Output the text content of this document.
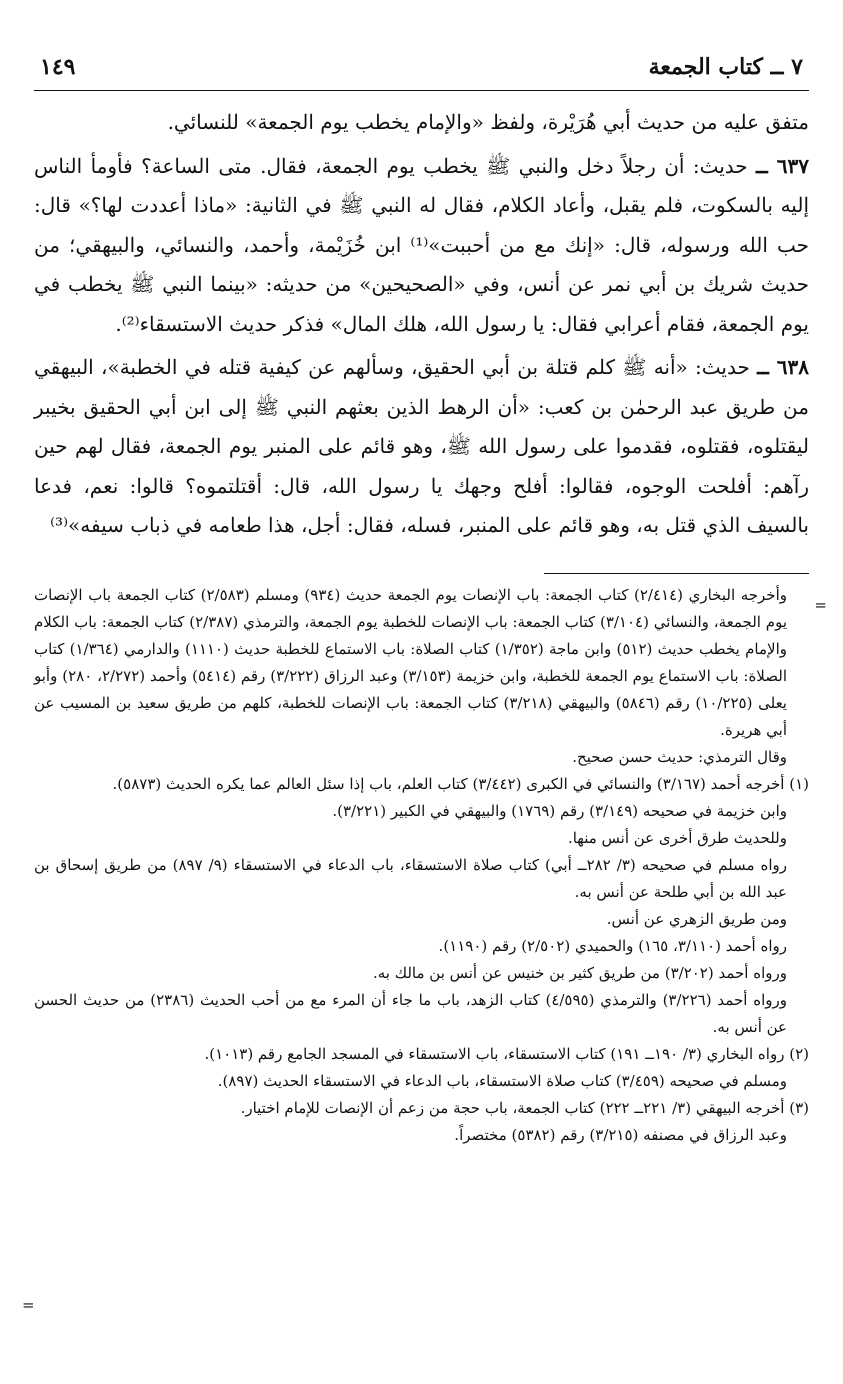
٧ ــ كتاب الجمعة
١٤٩

متفق عليه من حديث أبي هُرَيْرة، ولفظ «والإمام يخطب يوم الجمعة» للنسائي.

٦٣٧ ــ حديث: أن رجلاً دخل والنبي ﷺ يخطب يوم الجمعة، فقال. متى الساعة؟ فأومأ الناس إليه بالسكوت، فلم يقبل، وأعاد الكلام، فقال له النبي ﷺ في الثانية: «ماذا أعددت لها؟» قال: حب الله ورسوله، قال: «إنك مع من أحببت»⁽¹⁾ ابن خُزَيْمة، وأحمد، والنسائي، والبيهقي؛ من حديث شريك بن أبي نمر عن أنس، وفي «الصحيحين» من حديثه: «بينما النبي ﷺ يخطب في يوم الجمعة، فقام أعرابي فقال: يا رسول الله، هلك المال» فذكر حديث الاستسقاء⁽²⁾.

٦٣٨ ــ حديث: «أنه ﷺ كلم قتلة بن أبي الحقيق، وسألهم عن كيفية قتله في الخطبة»، البيهقي من طريق عبد الرحمٰن بن كعب: «أن الرهط الذين بعثهم النبي ﷺ إلى ابن أبي الحقيق بخيبر ليقتلوه، فقتلوه، فقدموا على رسول الله ﷺ، وهو قائم على المنبر يوم الجمعة، فقال لهم حين رآهم: أفلحت الوجوه، فقالوا: أفلح وجهك يا رسول الله، قال: أقتلتموه؟ قالوا: نعم، فدعا بالسيف الذي قتل به، وهو قائم على المنبر، فسله، فقال: أجل، هذا طعامه في ذباب سيفه»⁽³⁾

=

وأخرجه البخاري (٢/٤١٤) كتاب الجمعة: باب الإنصات يوم الجمعة حديث (٩٣٤) ومسلم (٢/٥٨٣) كتاب الجمعة باب الإنصات يوم الجمعة، والنسائي (٣/١٠٤) كتاب الجمعة: باب الإنصات للخطبة يوم الجمعة، والترمذي (٢/٣٨٧) كتاب الجمعة: باب الكلام والإمام يخطب حديث (٥١٢) وابن ماجة (١/٣٥٢) كتاب الصلاة: باب الاستماع للخطبة حديث (١١١٠) والدارمي (١/٣٦٤) كتاب الصلاة: باب الاستماع يوم الجمعة للخطبة، وابن خزيمة (٣/١٥٣) وعبد الرزاق (٣/٢٢٢) رقم (٥٤١٤) وأحمد (٢/٢٧٢، ٢٨٠) وأبو يعلى (١٠/٢٢٥) رقم (٥٨٤٦) والبيهقي (٣/٢١٨) كتاب الجمعة: باب الإنصات للخطبة، كلهم من طريق سعيد بن المسيب عن أبي هريرة.

وقال الترمذي: حديث حسن صحيح.

(١) أخرجه أحمد (٣/١٦٧) والنسائي في الكبرى (٣/٤٤٢) كتاب العلم، باب إذا سئل العالم عما يكره الحديث (٥٨٧٣).

وابن خزيمة في صحيحه (٣/١٤٩) رقم (١٧٦٩) والبيهقي في الكبير (٣/٢٢١).

وللحديث طرق أخرى عن أنس منها.

رواه مسلم في صحيحه (٣/ ٢٨٢ــ أبي) كتاب صلاة الاستسقاء، باب الدعاء في الاستسقاء (٩/ ٨٩٧) من طريق إسحاق بن عبد الله بن أبي طلحة عن أنس به.

ومن طريق الزهري عن أنس.

رواه أحمد (٣/١١٠، ١٦٥) والحميدي (٢/٥٠٢) رقم (١١٩٠).

ورواه أحمد (٣/٢٠٢) من طريق كثير بن خنيس عن أنس بن مالك به.

ورواه أحمد (٣/٢٢٦) والترمذي (٤/٥٩٥) كتاب الزهد، باب ما جاء أن المرء مع من أحب الحديث (٢٣٨٦) من حديث الحسن عن أنس به.

(٢) رواه البخاري (٣/ ١٩٠ــ ١٩١) كتاب الاستسقاء، باب الاستسقاء في المسجد الجامع رقم (١٠١٣).

ومسلم في صحيحه (٣/٤٥٩) كتاب صلاة الاستسقاء، باب الدعاء في الاستسقاء الحديث (٨٩٧).

(٣) أخرجه البيهقي (٣/ ٢٢١ــ ٢٢٢) كتاب الجمعة، باب حجة من زعم أن الإنصات للإمام اختيار.

وعبد الرزاق في مصنفه (٣/٢١٥) رقم (٥٣٨٢) مختصراً.

=
